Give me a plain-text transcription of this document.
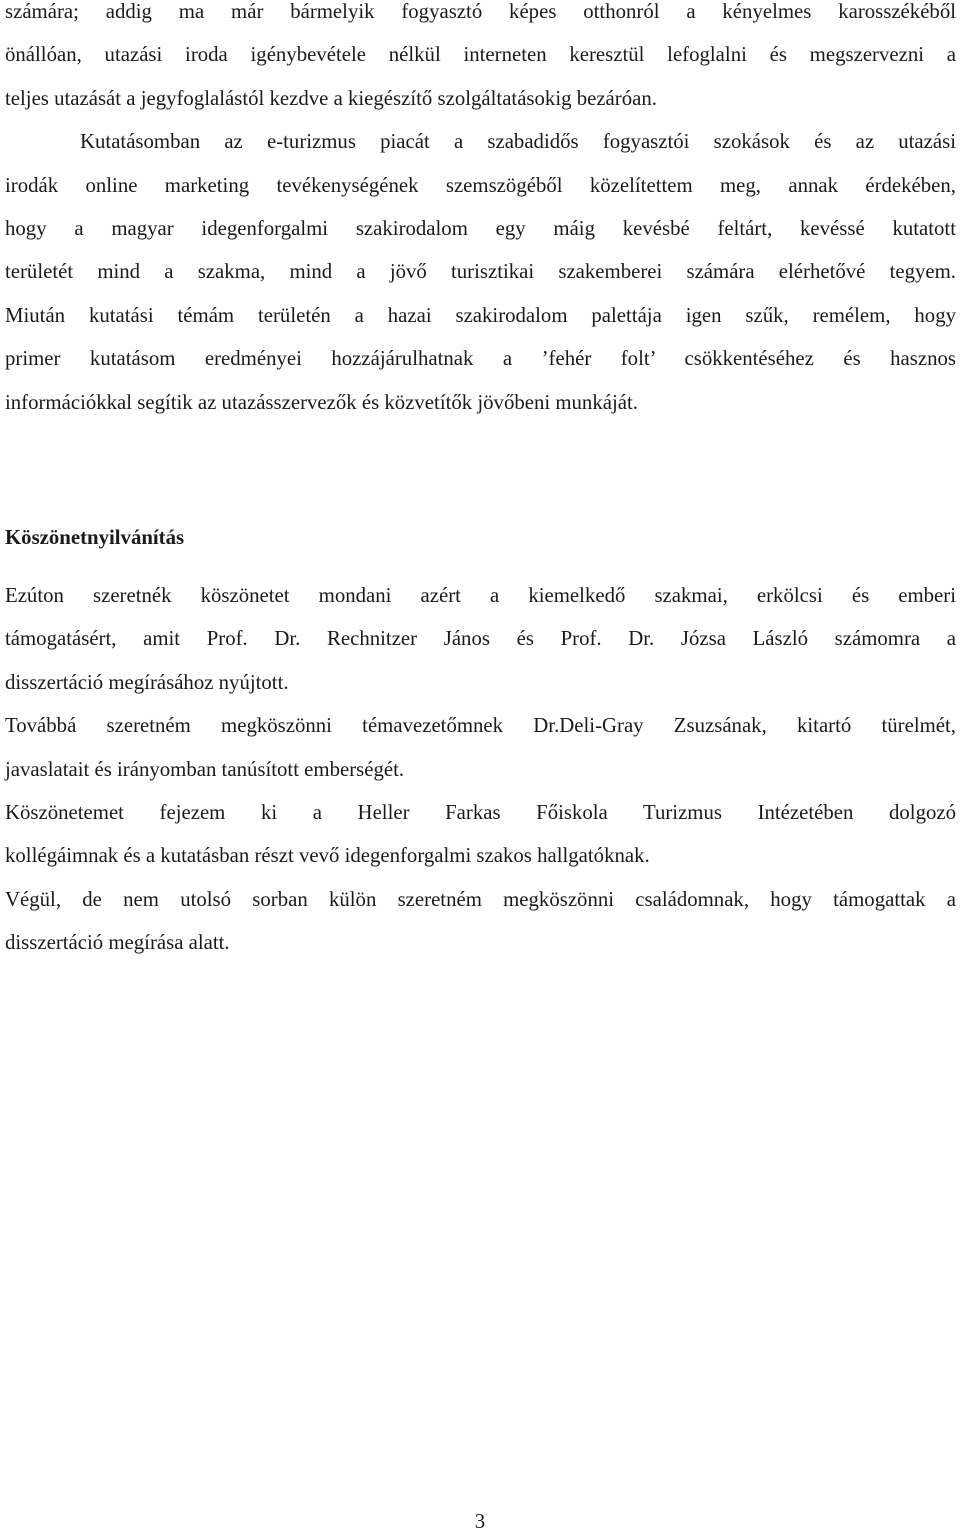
számára; addig ma már bármelyik fogyasztó képes otthonról a kényelmes karosszékéből
önállóan, utazási iroda igénybevétele nélkül interneten keresztül lefoglalni és megszervezni a
teljes utazását a jegyfoglalástól kezdve a kiegészítő szolgáltatásokig bezáróan.
Kutatásomban az e-turizmus piacát a szabadidős fogyasztói szokások és az utazási
irodák online marketing tevékenységének szemszögéből közelítettem meg, annak érdekében,
hogy a magyar idegenforgalmi szakirodalom egy máig kevésbé feltárt, kevéssé kutatott
területét mind a szakma, mind a jövő turisztikai szakemberei számára elérhetővé tegyem.
Miután kutatási témám területén a hazai szakirodalom palettája igen szűk, remélem, hogy
primer kutatásom eredményei hozzájárulhatnak a ’fehér folt’ csökkentéséhez és hasznos
információkkal segítik az utazásszervezők és közvetítők jövőbeni munkáját.
Köszönetnyilvánítás
Ezúton szeretnék köszönetet mondani azért a kiemelkedő szakmai, erkölcsi és emberi
támogatásért, amit Prof. Dr. Rechnitzer János és Prof. Dr. Józsa László számomra a
disszertáció megírásához nyújtott.
Továbbá szeretném megköszönni témavezetőmnek Dr.Deli-Gray Zsuzsának, kitartó türelmét,
javaslatait és irányomban tanúsított emberségét.
Köszönetemet fejezem ki a Heller Farkas Főiskola Turizmus Intézetében dolgozó
kollégáimnak és a kutatásban részt vevő idegenforgalmi szakos hallgatóknak.
Végül, de nem utolsó sorban külön szeretném megköszönni családomnak, hogy támogattak a
disszertáció megírása alatt.
3
